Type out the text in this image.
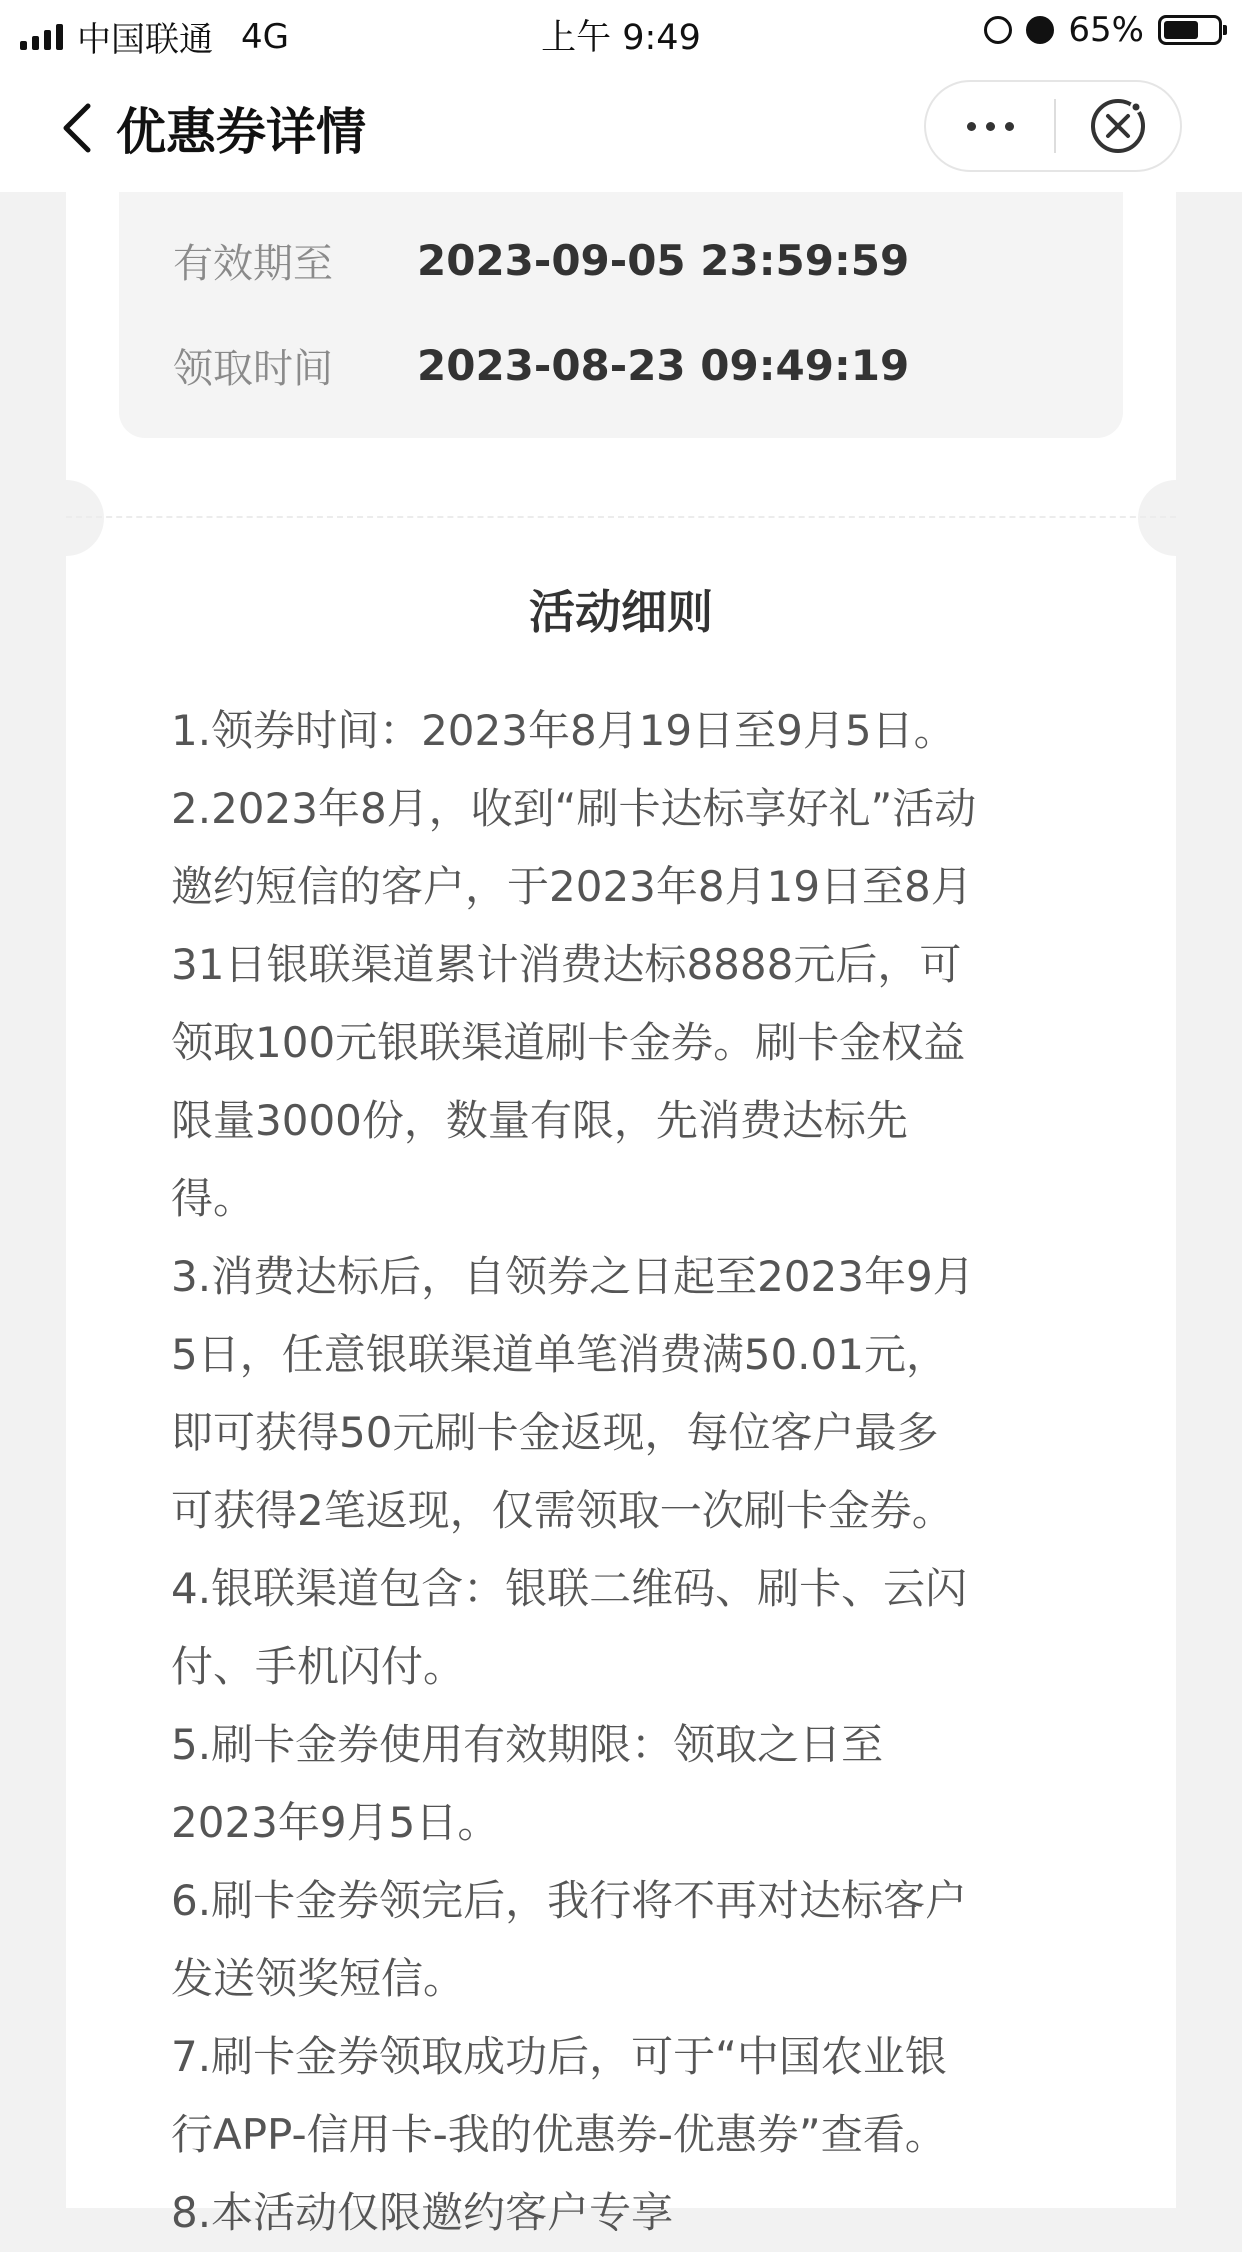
中国联通 4G	上午 9:49	65%
优惠券详情
有效期至	2023-09-05 23:59:59
领取时间	2023-08-23 09:49:19
活动细则
1.领券时间：2023年8月19日至9月5日。
2.2023年8月，收到“刷卡达标享好礼”活动
邀约短信的客户，于2023年8月19日至8月
31日银联渠道累计消费达标8888元后，可
领取100元银联渠道刷卡金券。刷卡金权益
限量3000份，数量有限，先消费达标先
得。
3.消费达标后，自领券之日起至2023年9月
5日，任意银联渠道单笔消费满50.01元，
即可获得50元刷卡金返现，每位客户最多
可获得2笔返现，仅需领取一次刷卡金券。
4.银联渠道包含：银联二维码、刷卡、云闪
付、手机闪付。
5.刷卡金券使用有效期限：领取之日至
2023年9月5日。
6.刷卡金券领完后，我行将不再对达标客户
发送领奖短信。
7.刷卡金券领取成功后，可于“中国农业银
行APP-信用卡-我的优惠券-优惠券”查看。
8.本活动仅限邀约客户专享
